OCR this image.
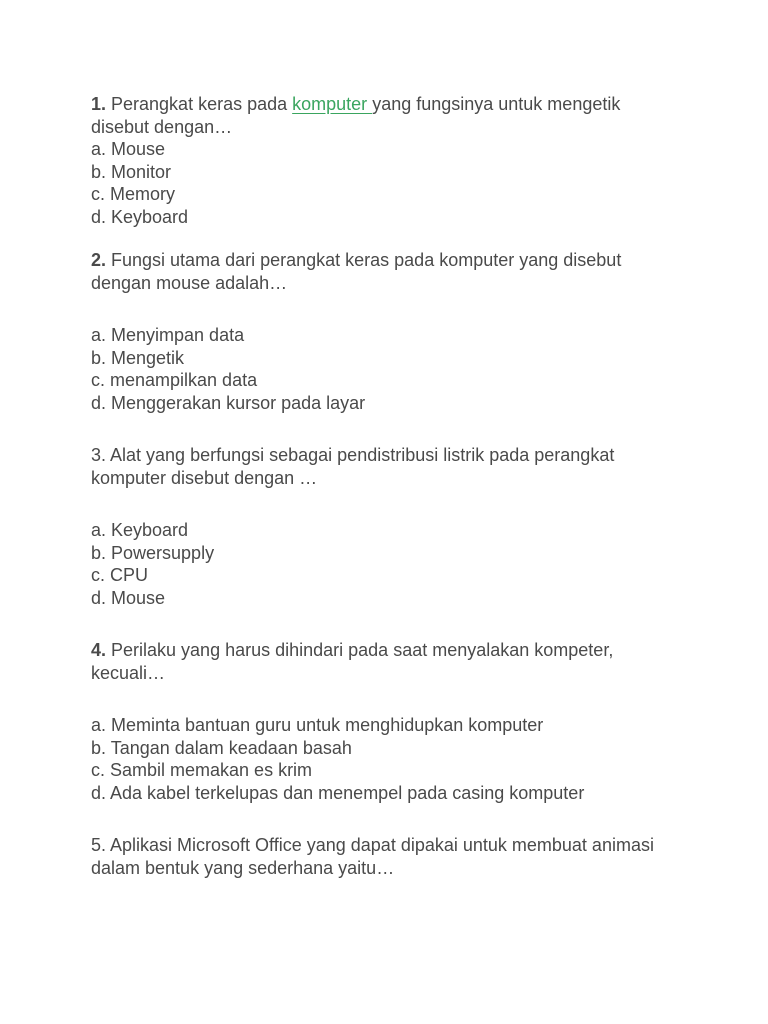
1. Perangkat keras pada komputer yang fungsinya untuk mengetik disebut dengan…

a. Mouse
b. Monitor
c. Memory
d. Keyboard

2. Fungsi utama dari perangkat keras pada komputer yang disebut dengan mouse adalah…

a. Menyimpan data
b. Mengetik
c. menampilkan data
d. Menggerakan kursor pada layar

3. Alat yang berfungsi sebagai pendistribusi listrik pada perangkat komputer disebut dengan …

a. Keyboard
b. Powersupply
c. CPU
d. Mouse

4. Perilaku yang harus dihindari pada saat menyalakan kompeter, kecuali…

a. Meminta bantuan guru untuk menghidupkan komputer
b. Tangan dalam keadaan basah
c. Sambil memakan es krim
d. Ada kabel terkelupas dan menempel pada casing komputer

5. Aplikasi Microsoft Office yang dapat dipakai untuk membuat animasi dalam bentuk yang sederhana yaitu…
